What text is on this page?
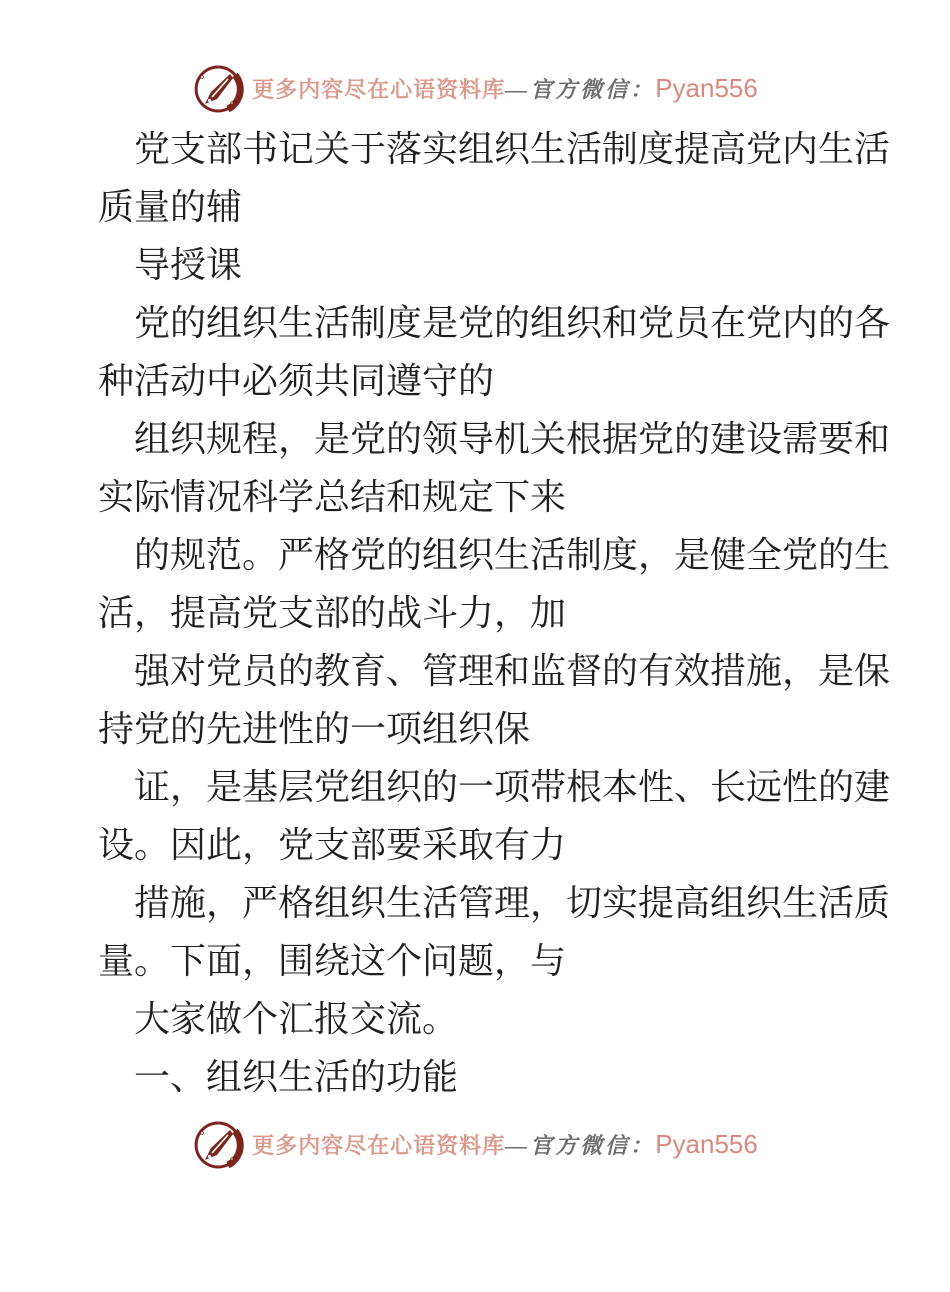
更多内容尽在心语资料库—官方微信：Pyan556

党支部书记关于落实组织生活制度提高党内生活

质量的辅

导授课

党的组织生活制度是党的组织和党员在党内的各

种活动中必须共同遵守的

组织规程，是党的领导机关根据党的建设需要和

实际情况科学总结和规定下来

的规范。严格党的组织生活制度，是健全党的生

活，提高党支部的战斗力，加

强对党员的教育、管理和监督的有效措施，是保

持党的先进性的一项组织保

证，是基层党组织的一项带根本性、长远性的建

设。因此，党支部要采取有力

措施，严格组织生活管理，切实提高组织生活质

量。下面，围绕这个问题，与

大家做个汇报交流。

一、组织生活的功能

更多内容尽在心语资料库—官方微信：Pyan556
